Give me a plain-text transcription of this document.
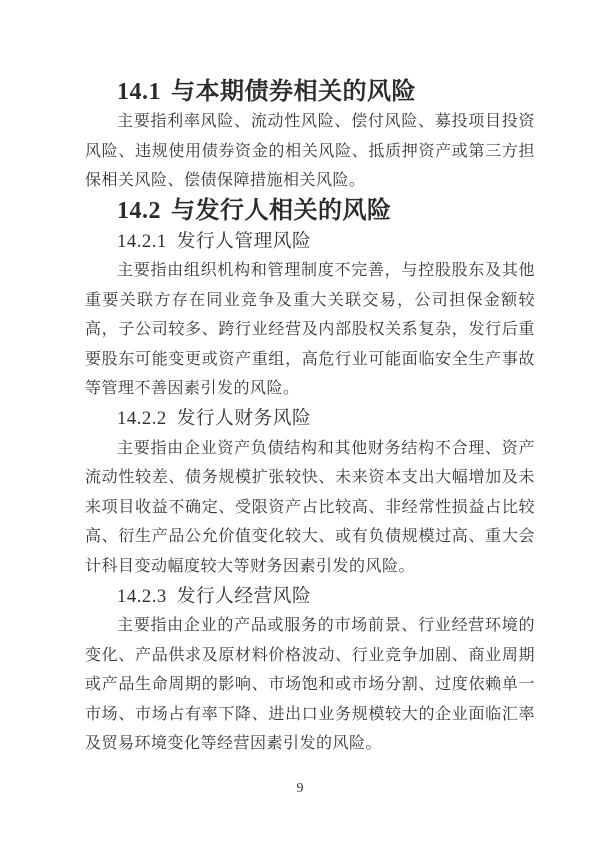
14.1 与本期债券相关的风险

主要指利率风险、流动性风险、偿付风险、募投项目投资风险、违规使用债券资金的相关风险、抵质押资产或第三方担保相关风险、偿债保障措施相关风险。

14.2 与发行人相关的风险
14.2.1 发行人管理风险

主要指由组织机构和管理制度不完善，与控股股东及其他重要关联方存在同业竞争及重大关联交易，公司担保金额较高，子公司较多、跨行业经营及内部股权关系复杂，发行后重要股东可能变更或资产重组，高危行业可能面临安全生产事故等管理不善因素引发的风险。

14.2.2 发行人财务风险

主要指由企业资产负债结构和其他财务结构不合理、资产流动性较差、债务规模扩张较快、未来资本支出大幅增加及未来项目收益不确定、受限资产占比较高、非经常性损益占比较高、衍生产品公允价值变化较大、或有负债规模过高、重大会计科目变动幅度较大等财务因素引发的风险。

14.2.3 发行人经营风险

主要指由企业的产品或服务的市场前景、行业经营环境的变化、产品供求及原材料价格波动、行业竞争加剧、商业周期或产品生命周期的影响、市场饱和或市场分割、过度依赖单一市场、市场占有率下降、进出口业务规模较大的企业面临汇率及贸易环境变化等经营因素引发的风险。

9
